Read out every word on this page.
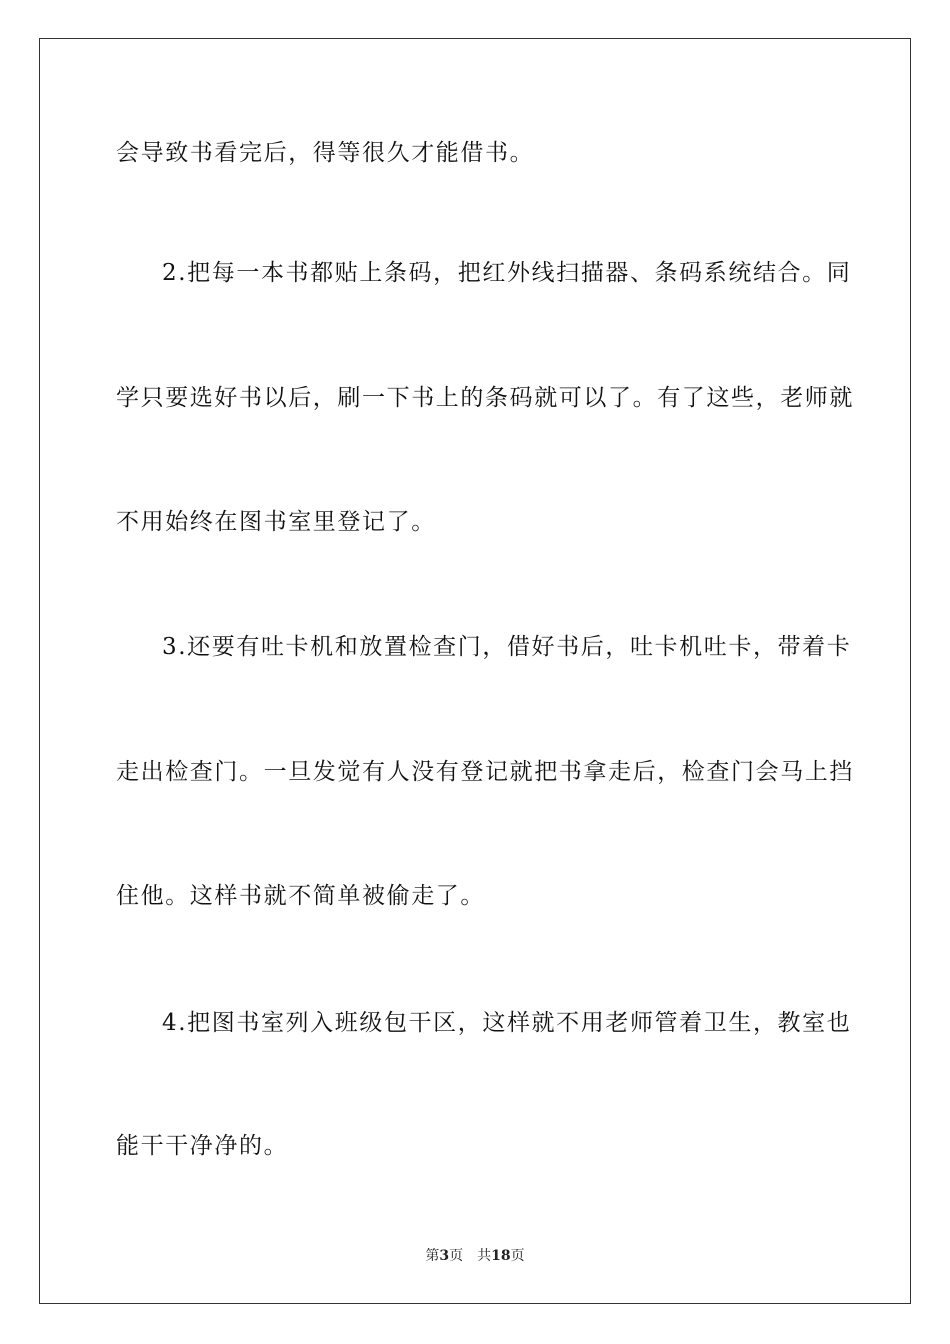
会导致书看完后，得等很久才能借书。
2.把每一本书都贴上条码，把红外线扫描器、条码系统结合。同
学只要选好书以后，刷一下书上的条码就可以了。有了这些，老师就
不用始终在图书室里登记了。
3.还要有吐卡机和放置检查门，借好书后，吐卡机吐卡，带着卡
走出检查门。一旦发觉有人没有登记就把书拿走后，检查门会马上挡
住他。这样书就不简单被偷走了。
4.把图书室列入班级包干区，这样就不用老师管着卫生，教室也
能干干净净的。
第3页 共18页
